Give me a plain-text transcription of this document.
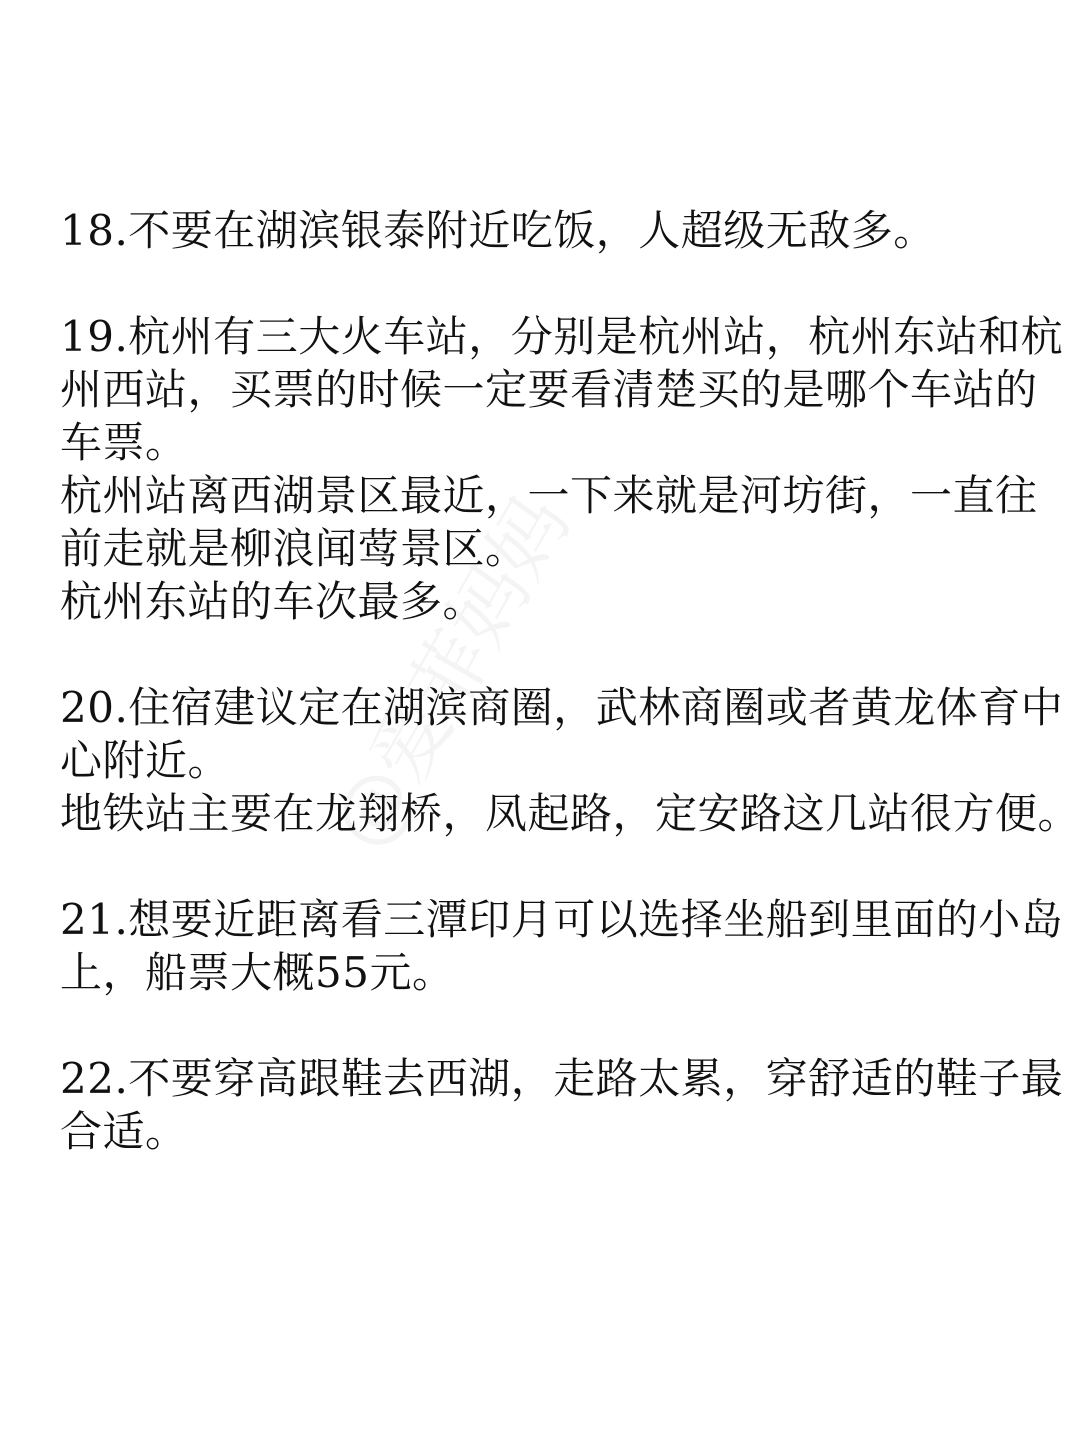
18.不要在湖滨银泰附近吃饭，人超级无敌多。
19.杭州有三大火车站，分别是杭州站，杭州东站和杭
州西站，买票的时候一定要看清楚买的是哪个车站的
车票。
杭州站离西湖景区最近，一下来就是河坊街，一直往
前走就是柳浪闻莺景区。
杭州东站的车次最多。
20.住宿建议定在湖滨商圈，武林商圈或者黄龙体育中
心附近。
地铁站主要在龙翔桥，凤起路，定安路这几站很方便。
21.想要近距离看三潭印月可以选择坐船到里面的小岛
上，船票大概55元。
22.不要穿高跟鞋去西湖，走路太累，穿舒适的鞋子最
合适。
